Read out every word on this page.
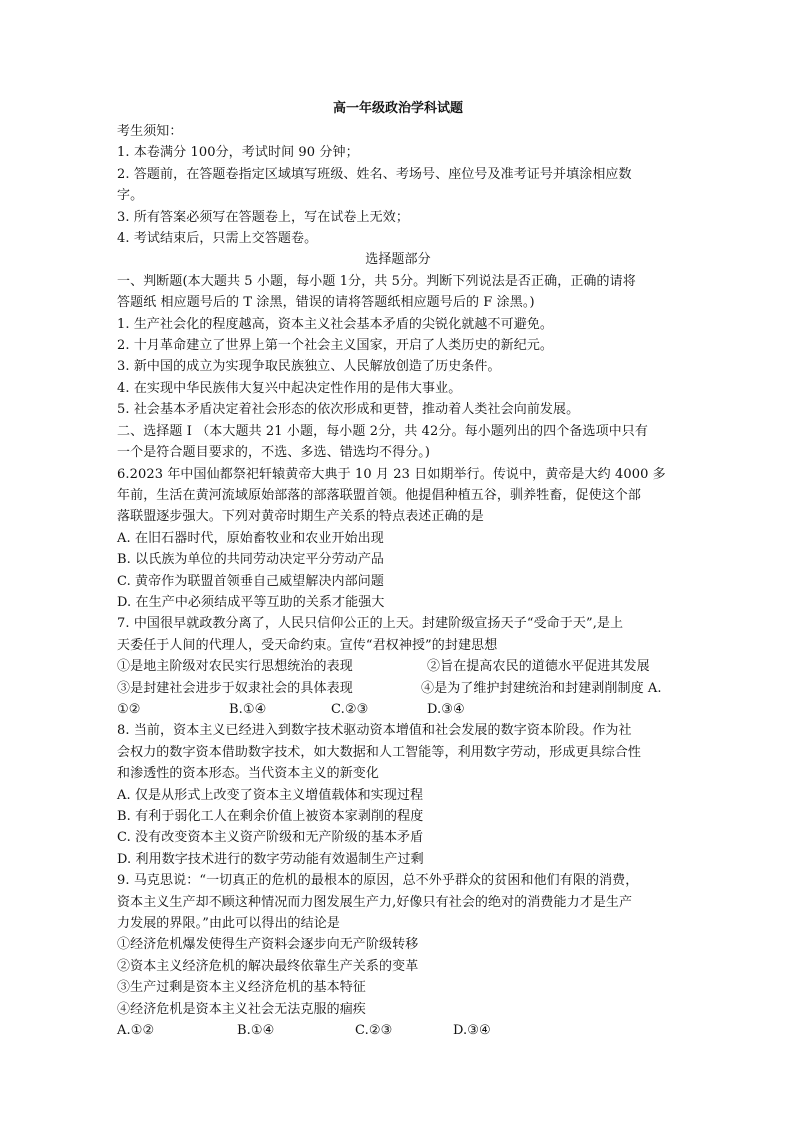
高一年级政治学科试题
考生须知：
1. 本卷满分 100分，考试时间 90 分钟；
2. 答题前，在答题卷指定区域填写班级、姓名、考场号、座位号及准考证号并填涂相应数
字。
3. 所有答案必须写在答题卷上，写在试卷上无效；
4. 考试结束后，只需上交答题卷。
选择题部分
一、判断题(本大题共 5 小题，每小题 1分，共 5分。判断下列说法是否正确，正确的请将
答题纸 相应题号后的 T 涂黑，错误的请将答题纸相应题号后的 F 涂黑。)
1. 生产社会化的程度越高，资本主义社会基本矛盾的尖锐化就越不可避免。
2. 十月革命建立了世界上第一个社会主义国家，开启了人类历史的新纪元。
3. 新中国的成立为实现争取民族独立、人民解放创造了历史条件。
4. 在实现中华民族伟大复兴中起决定性作用的是伟大事业。
5. 社会基本矛盾决定着社会形态的依次形成和更替，推动着人类社会向前发展。
二、选择题 I （本大题共 21 小题，每小题 2分，共 42分。每小题列出的四个备选项中只有
一个是符合题目要求的，不选、多选、错选均不得分。)
6.2023 年中国仙都祭祀轩辕黄帝大典于 10 月 23 日如期举行。传说中，黄帝是大约 4000 多
年前，生活在黄河流域原始部落的部落联盟首领。他提倡种植五谷，驯养牲畜，促使这个部
落联盟逐步强大。下列对黄帝时期生产关系的特点表述正确的是
A. 在旧石器时代，原始畜牧业和农业开始出现
B. 以氏族为单位的共同劳动决定平分劳动产品
C. 黄帝作为联盟首领垂自己威望解决内部问题
D. 在生产中必须结成平等互助的关系才能强大
7. 中国很早就政教分离了，人民只信仰公正的上天。封建阶级宣扬天子“受命于天”,是上
天委任于人间的代理人，受天命约束。宣传“君权神授”的封建思想
①是地主阶级对农民实行思想统治的表现	②旨在提高农民的道德水平促进其发展
③是封建社会进步于奴隶社会的具体表现	④是为了维护封建统治和封建剥削制度 A.
①②	B.①④	C.②③	D.③④
8. 当前，资本主义已经进入到数字技术驱动资本增值和社会发展的数字资本阶段。作为社
会权力的数字资本借助数字技术，如大数据和人工智能等，利用数字劳动，形成更具综合性
和渗透性的资本形态。当代资本主义的新变化
A. 仅是从形式上改变了资本主义增值载体和实现过程
B. 有利于弱化工人在剩余价值上被资本家剥削的程度
C. 没有改变资本主义资产阶级和无产阶级的基本矛盾
D. 利用数字技术进行的数字劳动能有效遏制生产过剩
9. 马克思说：“一切真正的危机的最根本的原因，总不外乎群众的贫困和他们有限的消费，
资本主义生产却不顾这种情况而力图发展生产力,好像只有社会的绝对的消费能力才是生产
力发展的界限。”由此可以得出的结论是
①经济危机爆发使得生产资料会逐步向无产阶级转移
②资本主义经济危机的解决最终依靠生产关系的变革
③生产过剩是资本主义经济危机的基本特征
④经济危机是资本主义社会无法克服的痼疾
A.①②	B.①④	C.②③	D.③④
